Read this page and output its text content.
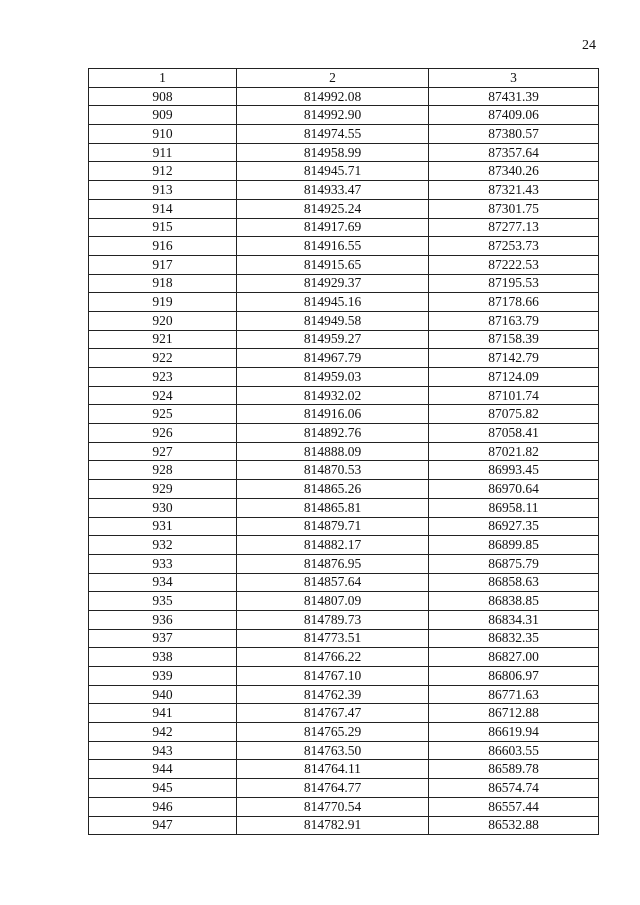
24
1	2	3
908	814992.08	87431.39
909	814992.90	87409.06
910	814974.55	87380.57
911	814958.99	87357.64
912	814945.71	87340.26
913	814933.47	87321.43
914	814925.24	87301.75
915	814917.69	87277.13
916	814916.55	87253.73
917	814915.65	87222.53
918	814929.37	87195.53
919	814945.16	87178.66
920	814949.58	87163.79
921	814959.27	87158.39
922	814967.79	87142.79
923	814959.03	87124.09
924	814932.02	87101.74
925	814916.06	87075.82
926	814892.76	87058.41
927	814888.09	87021.82
928	814870.53	86993.45
929	814865.26	86970.64
930	814865.81	86958.11
931	814879.71	86927.35
932	814882.17	86899.85
933	814876.95	86875.79
934	814857.64	86858.63
935	814807.09	86838.85
936	814789.73	86834.31
937	814773.51	86832.35
938	814766.22	86827.00
939	814767.10	86806.97
940	814762.39	86771.63
941	814767.47	86712.88
942	814765.29	86619.94
943	814763.50	86603.55
944	814764.11	86589.78
945	814764.77	86574.74
946	814770.54	86557.44
947	814782.91	86532.88
